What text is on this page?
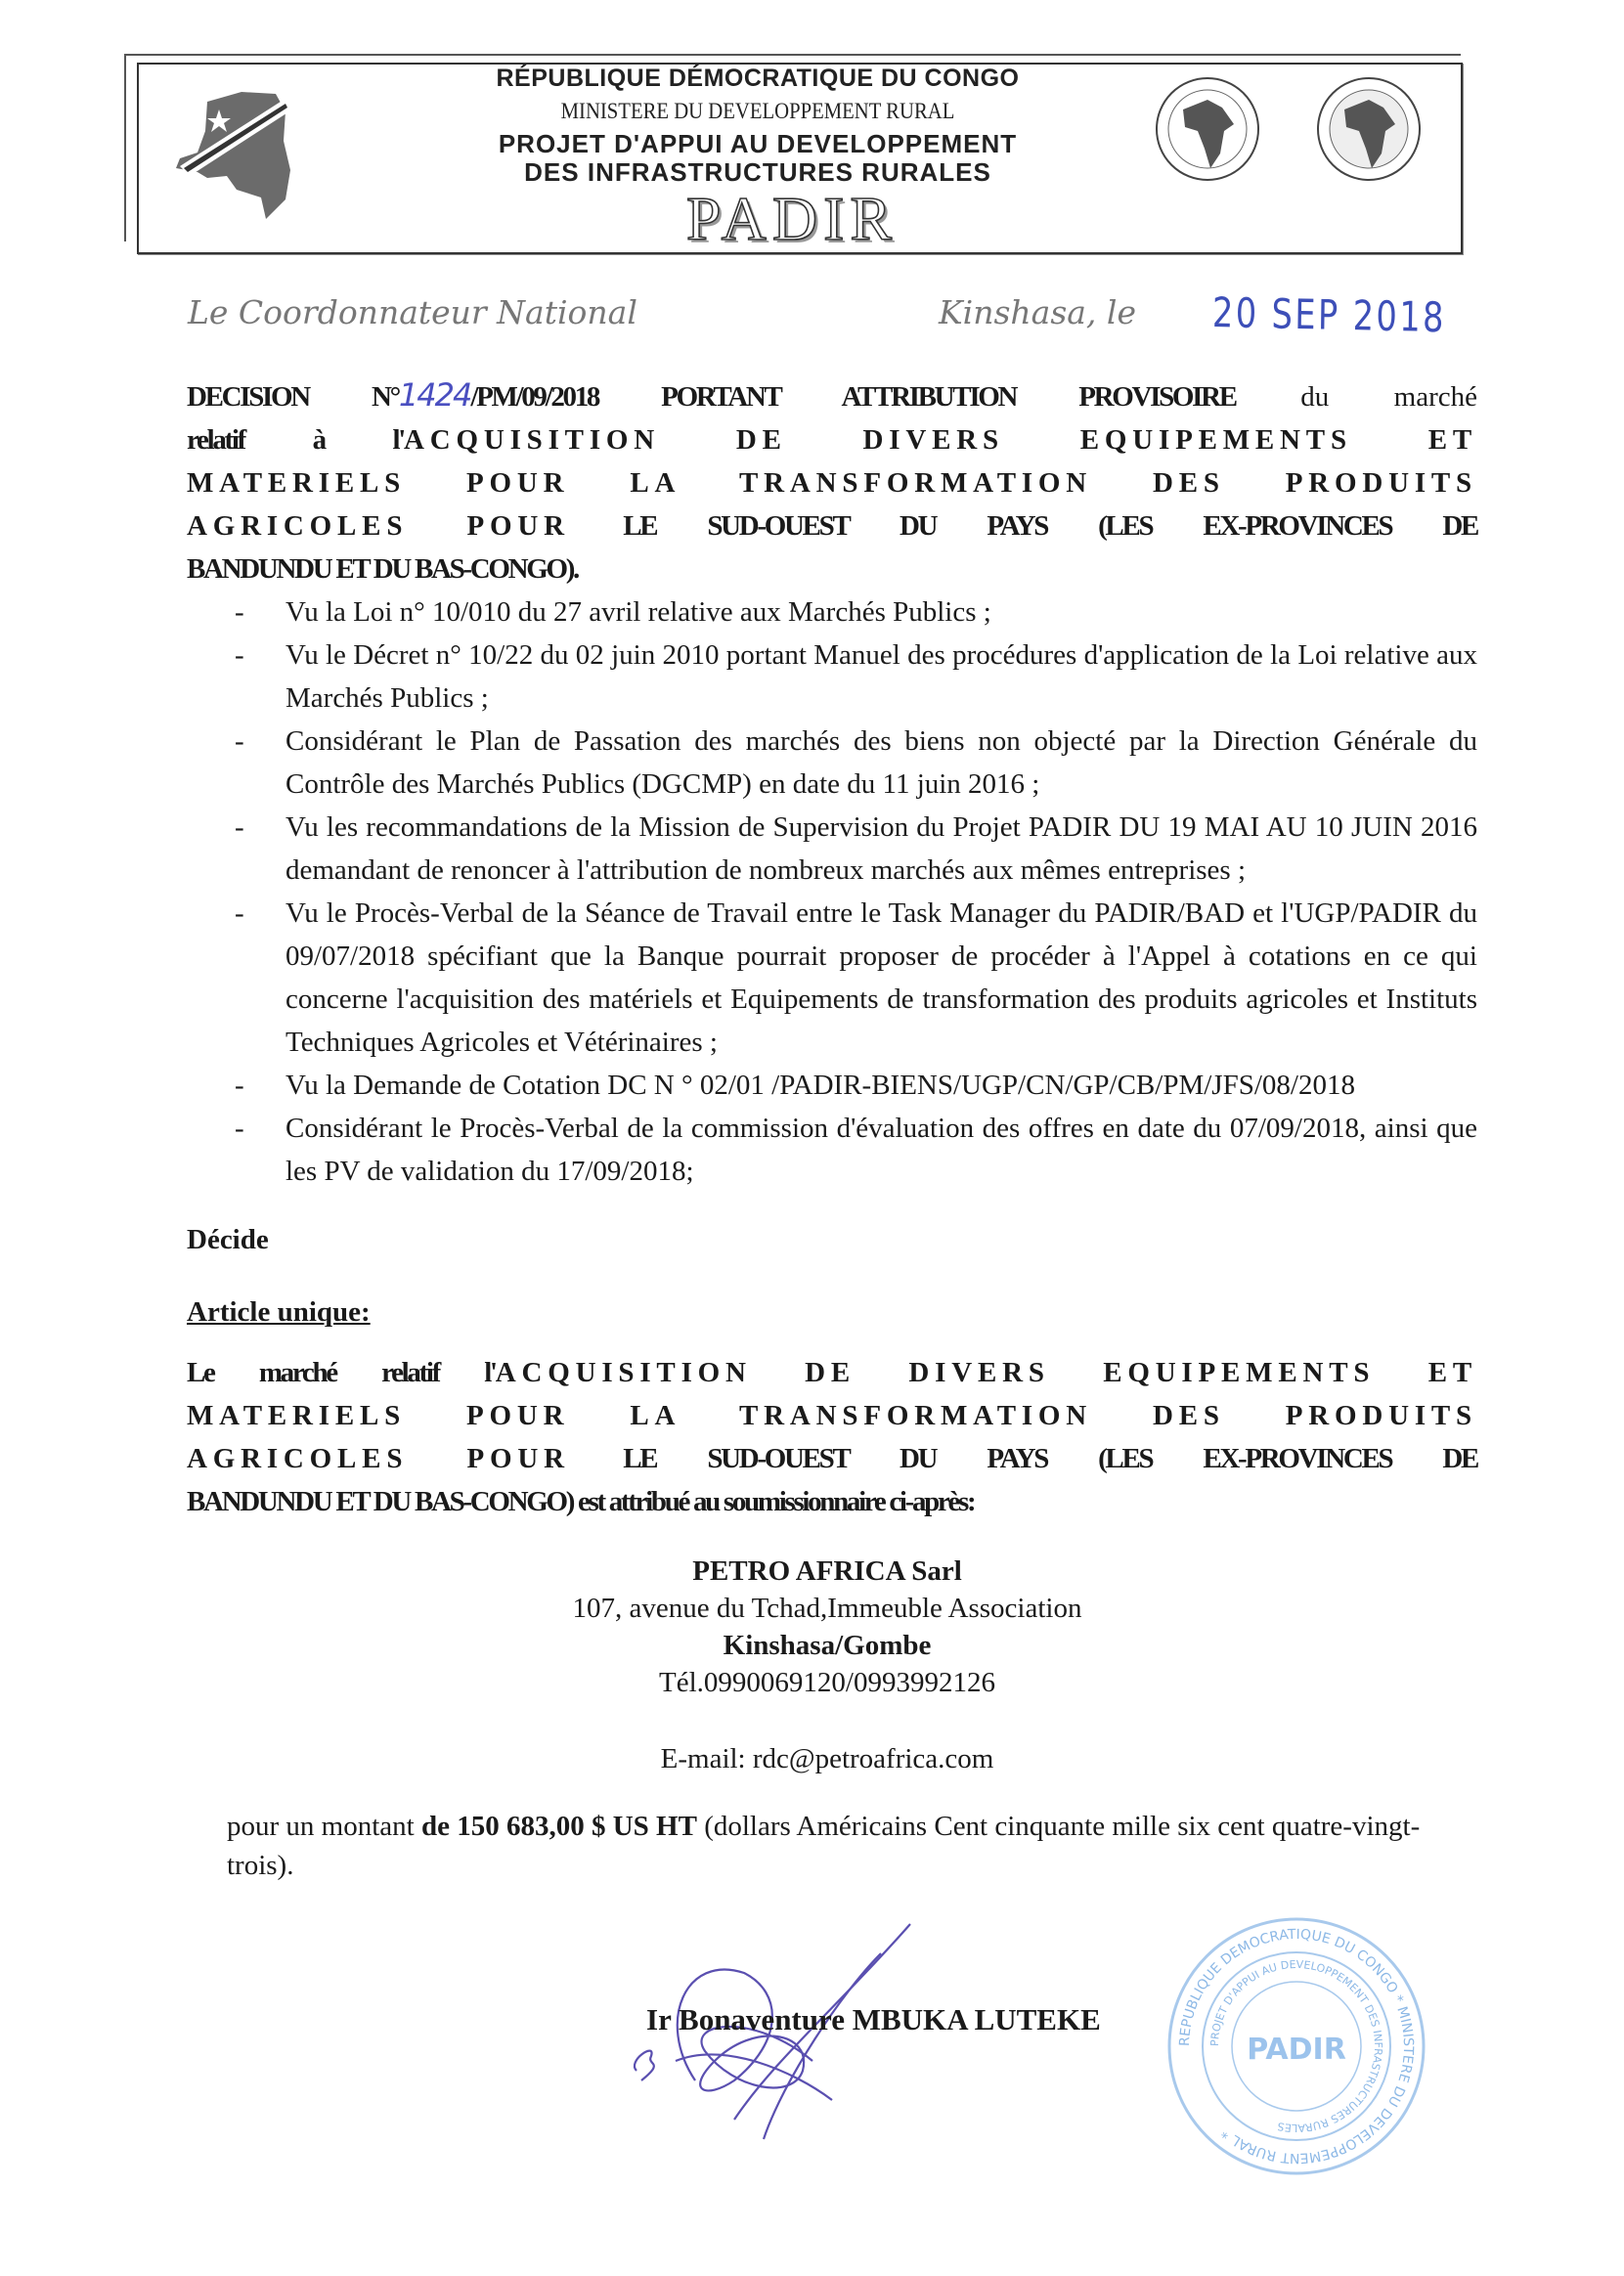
RÉPUBLIQUE DÉMOCRATIQUE DU CONGO
MINISTERE DU DEVELOPPEMENT RURAL
PROJET D'APPUI AU DEVELOPPEMENT
DES INFRASTRUCTURES RURALES
PADIR
Le Coordonnateur National	Kinshasa, le 20 SEP 2018
DECISION N°1424/PM/09/2018 PORTANT ATTRIBUTION PROVISOIRE du marché
relatif à l'ACQUISITION DE DIVERS EQUIPEMENTS ET
MATERIELS POUR LA TRANSFORMATION DES PRODUITS
AGRICOLES POUR LE SUD-OUEST DU PAYS (LES EX-PROVINCES DE
BANDUNDU ET DU BAS-CONGO).
- Vu la Loi n° 10/010 du 27 avril relative aux Marchés Publics ;
- Vu le Décret n° 10/22 du 02 juin 2010 portant Manuel des procédures d'application de la Loi relative aux Marchés Publics ;
- Considérant le Plan de Passation des marchés des biens non objecté par la Direction Générale du Contrôle des Marchés Publics (DGCMP) en date du 11 juin 2016 ;
- Vu les recommandations de la Mission de Supervision du Projet PADIR DU 19 MAI AU 10 JUIN 2016 demandant de renoncer à l'attribution de nombreux marchés aux mêmes entreprises ;
- Vu le Procès-Verbal de la Séance de Travail entre le Task Manager du PADIR/BAD et l'UGP/PADIR du 09/07/2018 spécifiant que la Banque pourrait proposer de procéder à l'Appel à cotations en ce qui concerne l'acquisition des matériels et Equipements de transformation des produits agricoles et Instituts Techniques Agricoles et Vétérinaires ;
- Vu la Demande de Cotation DC N ° 02/01 /PADIR-BIENS/UGP/CN/GP/CB/PM/JFS/08/2018
- Considérant le Procès-Verbal de la commission d'évaluation des offres en date du 07/09/2018, ainsi que les PV de validation du 17/09/2018;
Décide
Article unique:
Le marché relatif l'ACQUISITION DE DIVERS EQUIPEMENTS ET
MATERIELS POUR LA TRANSFORMATION DES PRODUITS
AGRICOLES POUR LE SUD-OUEST DU PAYS (LES EX-PROVINCES DE
BANDUNDU ET DU BAS-CONGO) est attribué au soumissionnaire ci-après:
PETRO AFRICA Sarl
107, avenue du Tchad,Immeuble Association
Kinshasa/Gombe
Tél.0990069120/0993992126
E-mail: rdc@petroafrica.com
pour un montant de 150 683,00 $ US HT (dollars Américains Cent cinquante mille six cent quatre-vingt-trois).
Ir Bonaventure MBUKA LUTEKE
REPUBLIQUE DEMOCRATIQUE DU CONGO * MINISTERE DU DEVELOPPEMENT RURAL *
PROJET D'APPUI AU DEVELOPPEMENT DES INFRASTRUCTURES RURALES
PADIR
